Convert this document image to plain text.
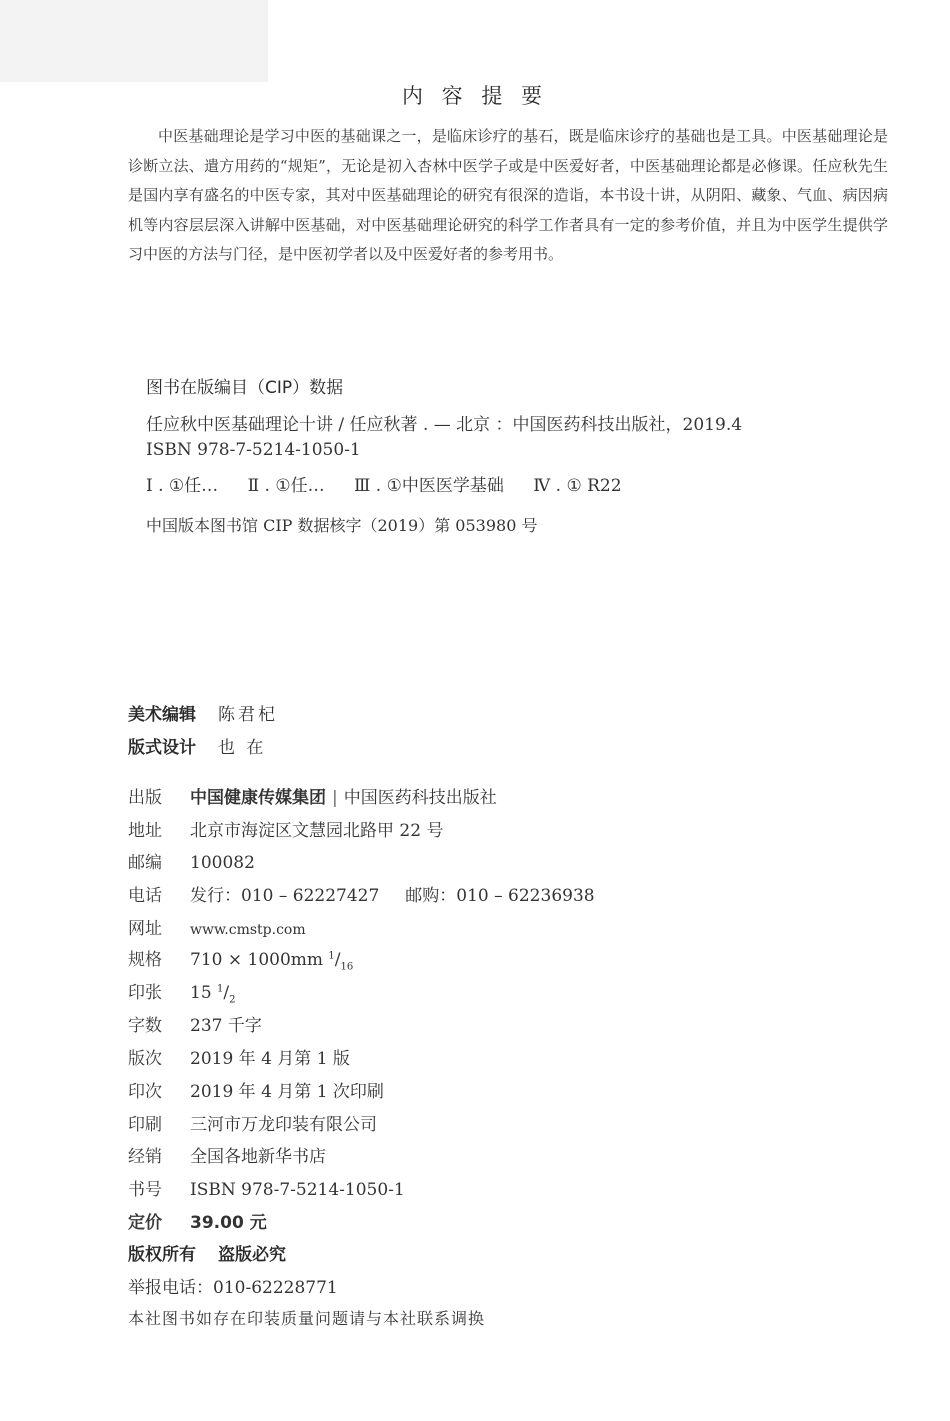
内 容 提 要

中医基础理论是学习中医的基础课之一，是临床诊疗的基石，既是临床诊疗的基础也是工具。中医基础理论是诊断立法、遣方用药的“规矩”，无论是初入杏林中医学子或是中医爱好者，中医基础理论都是必修课。任应秋先生是国内享有盛名的中医专家，其对中医基础理论的研究有很深的造诣，本书设十讲，从阴阳、藏象、气血、病因病机等内容层层深入讲解中医基础，对中医基础理论研究的科学工作者具有一定的参考价值，并且为中医学生提供学习中医的方法与门径，是中医初学者以及中医爱好者的参考用书。

图书在版编目（CIP）数据
任应秋中医基础理论十讲 / 任应秋著 . — 北京 ：中国医药科技出版社，2019.4
ISBN 978-7-5214-1050-1
Ⅰ . ①任… Ⅱ . ①任… Ⅲ . ①中医医学基础 Ⅳ . ① R22
中国版本图书馆 CIP 数据核字（2019）第 053980 号
美术编辑 陈君杞
版式设计 也 在
出版 中国健康传媒集团 | 中国医药科技出版社
地址 北京市海淀区文慧园北路甲 22 号
邮编 100082
电话 发行：010 – 62227427 邮购：010 – 62236938
网址 www.cmstp.com
规格 710 × 1000mm $^1/_{16}$
印张 15 $^1/_2$
字数 237 千字
版次 2019 年 4 月第 1 版
印次 2019 年 4 月第 1 次印刷
印刷 三河市万龙印装有限公司
经销 全国各地新华书店
书号 ISBN 978-7-5214-1050-1
定价 39.00 元
版权所有 盗版必究
举报电话：010-62228771
本社图书如存在印装质量问题请与本社联系调换
